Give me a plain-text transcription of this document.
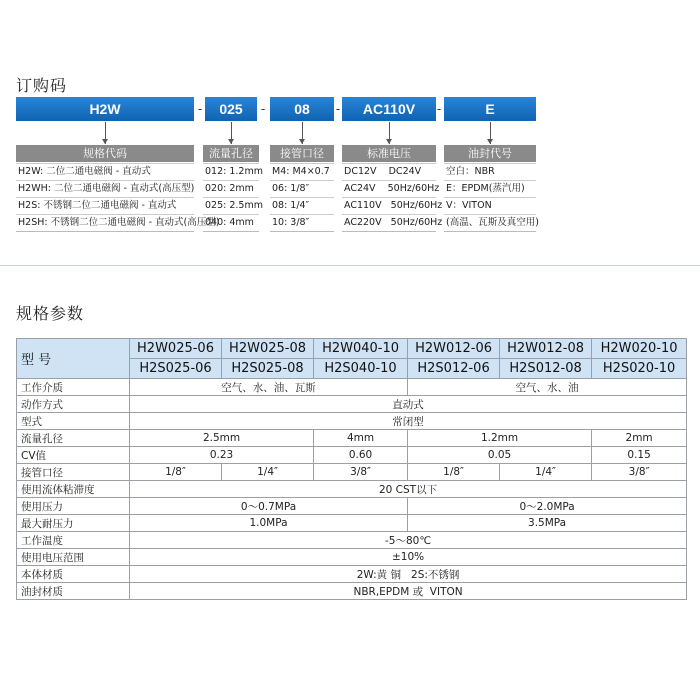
订购码
H2W	-	025	-	08	-	AC110V	-	E
规格代码	流量孔径	接管口径	标准电压	油封代号
H2W: 二位二通电磁阀 - 直动式
H2WH: 二位二通电磁阀 - 直动式(高压型)
H2S: 不锈钢二位二通电磁阀 - 直动式
H2SH: 不锈钢二位二通电磁阀 - 直动式(高压型)
012: 1.2mm
020: 2mm
025: 2.5mm
040: 4mm
M4: M4×0.7
06: 1/8″
08: 1/4″
10: 3/8″
DC12V    DC24V
AC24V    50Hz/60Hz
AC110V   50Hz/60Hz
AC220V   50Hz/60Hz
空白：NBR
E：EPDM(蒸汽用)
V：VITON
(高温、瓦斯及真空用)
规格参数
型 号	H2W025-06	H2W025-08	H2W040-10	H2W012-06	H2W012-08	H2W020-10
	H2S025-06	H2S025-08	H2S040-10	H2S012-06	H2S012-08	H2S020-10
工作介质	空气、水、油、瓦斯			空气、水、油		
动作方式	直动式					
型式	常闭型					
流量孔径	2.5mm		4mm	1.2mm		2mm
CV值	0.23		0.60	0.05		0.15
接管口径	1/8″	1/4″	3/8″	1/8″	1/4″	3/8″
使用流体粘滞度	20 CST以下					
使用压力	0～0.7MPa			0～2.0MPa		
最大耐压力	1.0MPa			3.5MPa		
工作温度	-5～80℃					
使用电压范围	±10%					
本体材质	2W:黄 铜   2S:不锈钢					
油封材质	NBR,EPDM 或  VITON					
